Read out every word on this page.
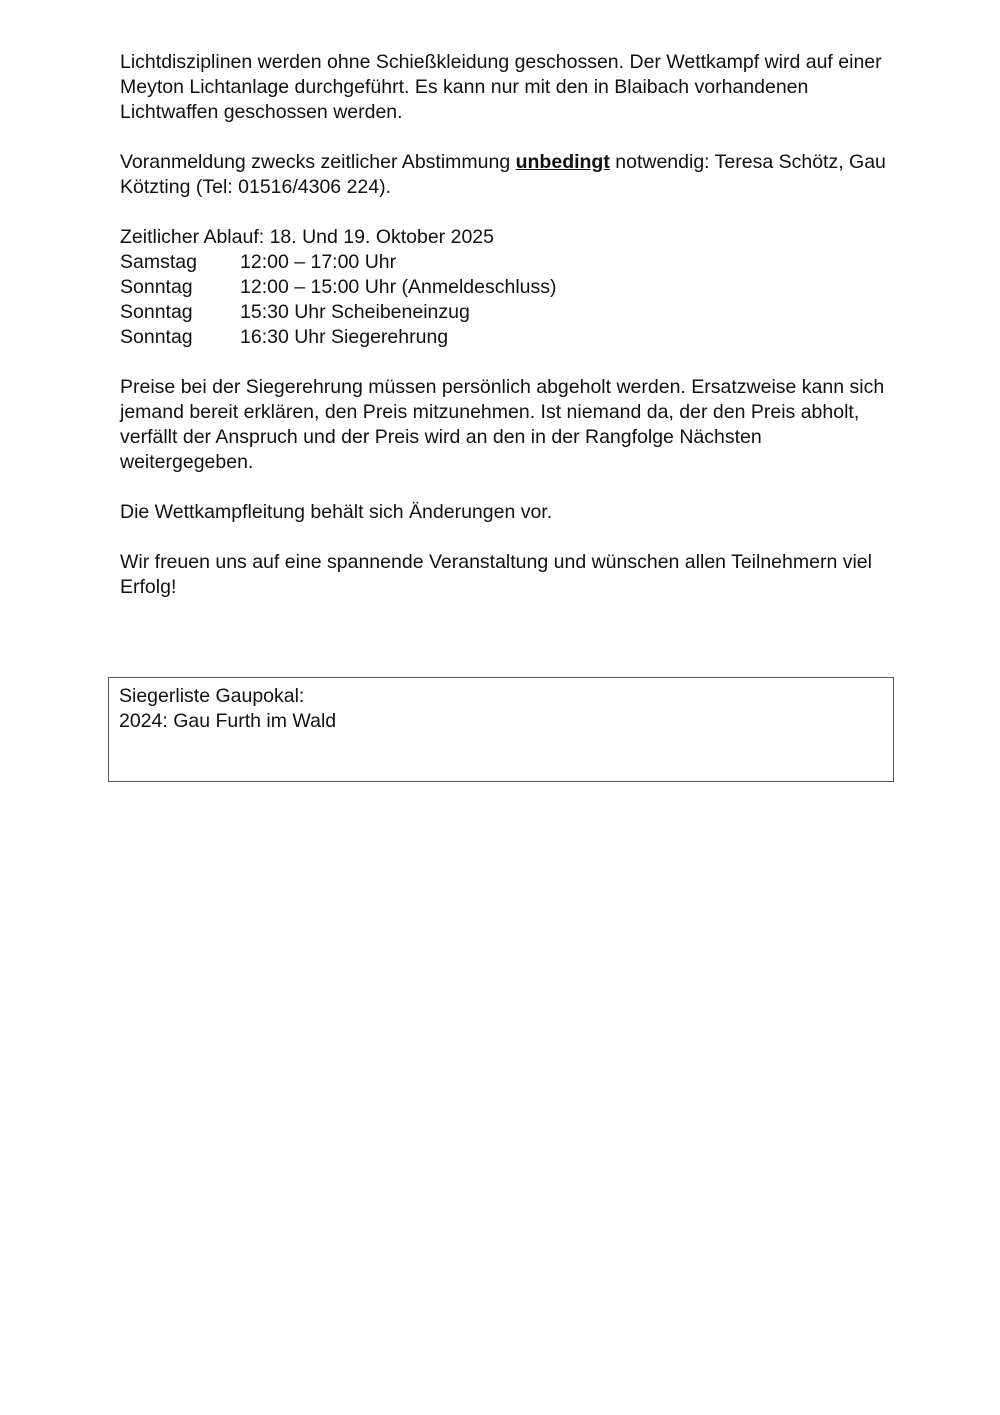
Lichtdisziplinen werden ohne Schießkleidung geschossen. Der Wettkampf wird auf einer Meyton Lichtanlage durchgeführt. Es kann nur mit den in Blaibach vorhandenen Lichtwaffen geschossen werden.

Voranmeldung zwecks zeitlicher Abstimmung unbedingt notwendig: Teresa Schötz, Gau Kötzting (Tel: 01516/4306 224).

Zeitlicher Ablauf: 18. Und 19. Oktober 2025
Samstag	12:00 – 17:00 Uhr
Sonntag	12:00 – 15:00 Uhr (Anmeldeschluss)
Sonntag	15:30 Uhr Scheibeneinzug
Sonntag	16:30 Uhr Siegerehrung

Preise bei der Siegerehrung müssen persönlich abgeholt werden. Ersatzweise kann sich jemand bereit erklären, den Preis mitzunehmen. Ist niemand da, der den Preis abholt, verfällt der Anspruch und der Preis wird an den in der Rangfolge Nächsten weitergegeben.

Die Wettkampfleitung behält sich Änderungen vor.

Wir freuen uns auf eine spannende Veranstaltung und wünschen allen Teilnehmern viel Erfolg!

Siegerliste Gaupokal:
2024: Gau Furth im Wald
